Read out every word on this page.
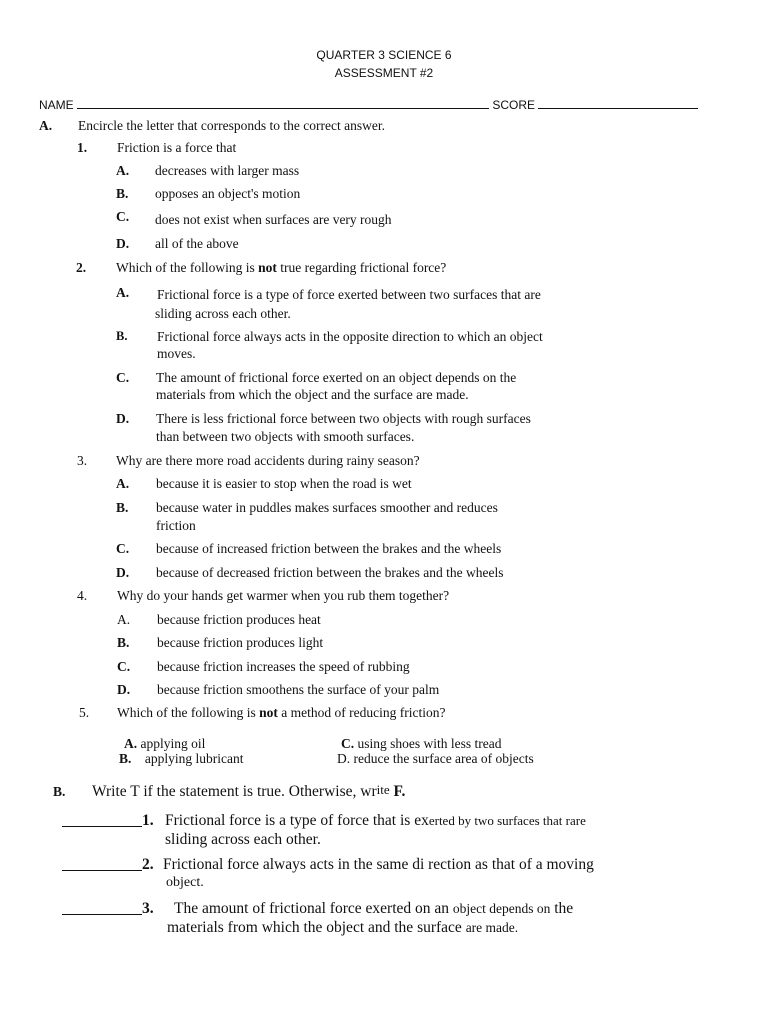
QUARTER 3 SCIENCE 6
ASSESSMENT #2
NAME	SCORE
A. Encircle the letter that corresponds to the correct answer.
1. Friction is a force that
A. decreases with larger mass
B. opposes an object's motion
C. does not exist when surfaces are very rough
D. all of the above
2. Which of the following is not true regarding frictional force?
A. Frictional force is a type of force exerted between two surfaces that are
sliding across each other.
B. Frictional force always acts in the opposite direction to which an object
moves.
C. The amount of frictional force exerted on an object depends on the
materials from which the object and the surface are made.
D. There is less frictional force between two objects with rough surfaces
than between two objects with smooth surfaces.
3. Why are there more road accidents during rainy season?
A. because it is easier to stop when the road is wet
B. because water in puddles makes surfaces smoother and reduces
friction
C. because of increased friction between the brakes and the wheels
D. because of decreased friction between the brakes and the wheels
4. Why do your hands get warmer when you rub them together?
A. because friction produces heat
B. because friction produces light
C. because friction increases the speed of rubbing
D. because friction smoothens the surface of your palm
5. Which of the following is not a method of reducing friction?
A. applying oil
B. applying lubricant
C. using shoes with less tread
D. reduce the surface area of objects
B. Write T if the statement is true. Otherwise, write F.
1. Frictional force is a type of force that is exerted by two surfaces that rare
sliding across each other.
2. Frictional force always acts in the same di rection as that of a moving
object.
3. The amount of frictional force exerted on an object depends on the
materials from which the object and the surface are made.
